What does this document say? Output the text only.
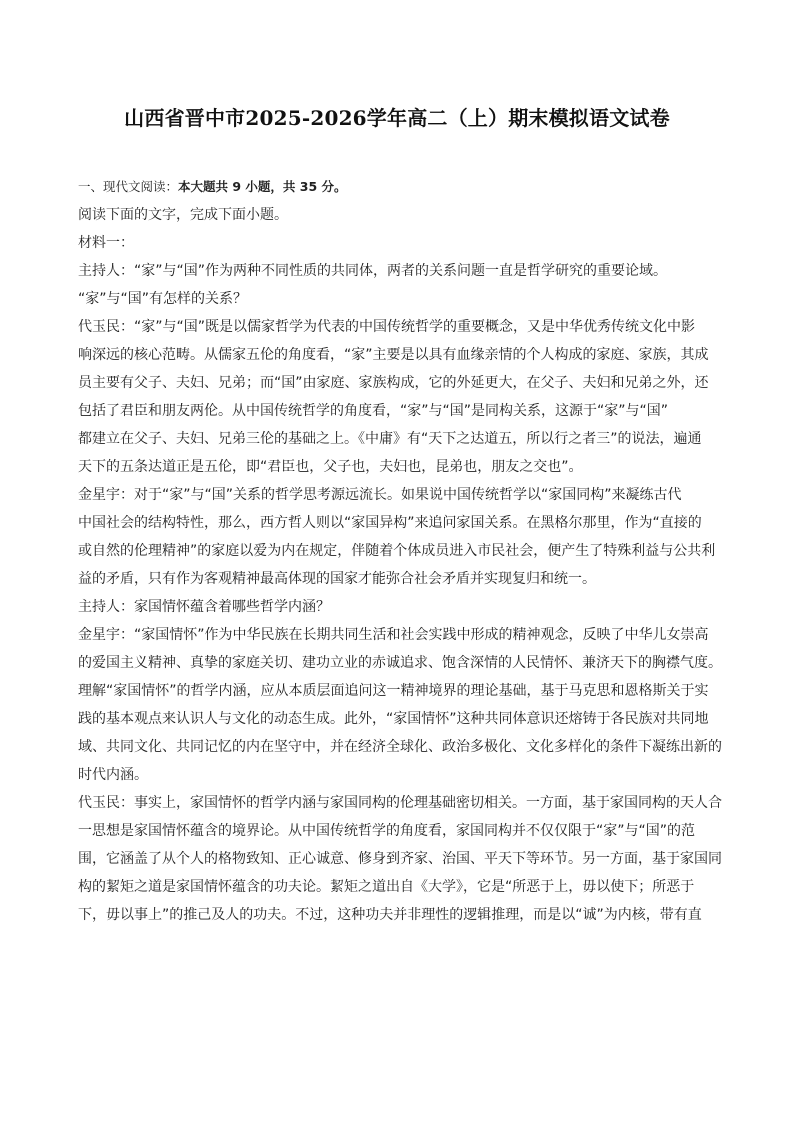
山西省晋中市2025-2026学年高二（上）期末模拟语文试卷
一、现代文阅读：本大题共 9 小题，共 35 分。
阅读下面的文字，完成下面小题。
材料一：
主持人：“家”与“国”作为两种不同性质的共同体，两者的关系问题一直是哲学研究的重要论域。
“家”与“国”有怎样的关系？
代玉民：“家”与“国”既是以儒家哲学为代表的中国传统哲学的重要概念，又是中华优秀传统文化中影
响深远的核心范畴。从儒家五伦的角度看，“家”主要是以具有血缘亲情的个人构成的家庭、家族，其成
员主要有父子、夫妇、兄弟；而“国”由家庭、家族构成，它的外延更大，在父子、夫妇和兄弟之外，还
包括了君臣和朋友两伦。从中国传统哲学的角度看，“家”与“国”是同构关系，这源于“家”与“国”
都建立在父子、夫妇、兄弟三伦的基础之上。《中庸》有“天下之达道五，所以行之者三”的说法，遍通
天下的五条达道正是五伦，即“君臣也，父子也，夫妇也，昆弟也，朋友之交也”。
金星宇：对于“家”与“国”关系的哲学思考源远流长。如果说中国传统哲学以“家国同构”来凝练古代
中国社会的结构特性，那么，西方哲人则以“家国异构”来追问家国关系。在黑格尔那里，作为“直接的
或自然的伦理精神”的家庭以爱为内在规定，伴随着个体成员进入市民社会，便产生了特殊利益与公共利
益的矛盾，只有作为客观精神最高体现的国家才能弥合社会矛盾并实现复归和统一。
主持人：家国情怀蕴含着哪些哲学内涵？
金星宇：“家国情怀”作为中华民族在长期共同生活和社会实践中形成的精神观念，反映了中华儿女崇高
的爱国主义精神、真挚的家庭关切、建功立业的赤诚追求、饱含深情的人民情怀、兼济天下的胸襟气度。
理解“家国情怀”的哲学内涵，应从本质层面追问这一精神境界的理论基础，基于马克思和恩格斯关于实
践的基本观点来认识人与文化的动态生成。此外，“家国情怀”这种共同体意识还熔铸于各民族对共同地
域、共同文化、共同记忆的内在坚守中，并在经济全球化、政治多极化、文化多样化的条件下凝练出新的
时代内涵。
代玉民：事实上，家国情怀的哲学内涵与家国同构的伦理基础密切相关。一方面，基于家国同构的天人合
一思想是家国情怀蕴含的境界论。从中国传统哲学的角度看，家国同构并不仅仅限于“家”与“国”的范
围，它涵盖了从个人的格物致知、正心诚意、修身到齐家、治国、平天下等环节。另一方面，基于家国同
构的絜矩之道是家国情怀蕴含的功夫论。絜矩之道出自《大学》，它是“所恶于上，毋以使下；所恶于
下，毋以事上”的推己及人的功夫。不过，这种功夫并非理性的逻辑推理，而是以“诚”为内核，带有直
